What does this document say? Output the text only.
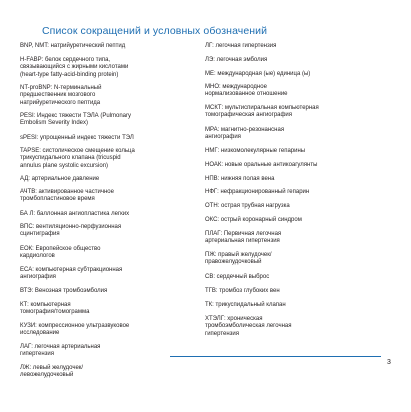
Список сокращений и условных обозначений
BNP, NMT: натрийуретический пептид
H-FABP: белок сердечного типа,
связывающийся с жирными кислотами
(heart-type fatty-acid-binding protein)
NT-proBNP: N-терминальный
предшественник мозгового
натрийуретического пептида
PESI: Индекс тяжести ТЭЛА (Pulmonary
Embolism Severity Index)
sPESI: упрощенный индекс тяжести ТЭЛ
TAPSE: систолическое смещение кольца
трикуспидального клапана (tricuspid
annulus plane systolic excursion)
АД: артериальное давление
АЧТВ: активированное частичное
тромбопластиновое время
БА Л: баллонная ангиопластика легких
ВПС: вентиляционно-перфузионная
сцинтиграфия
ЕОК: Европейское общество
кардиологов
ЕСА: компьютерная субтракционная
ангиография
ВТЭ: Венозная тромбоэмболия
КТ: компьютерная
томография/томограмма
КУЗИ: компрессионное ультразвуковое
исследование
ЛАГ: легочная артериальная
гипертензия
ЛЖ: левый желудочек/
левожелудочковый
ЛГ: легочная гипертензия
ЛЭ: легочная эмболия
МЕ: международная (ые) единица (ы)
МНО: международное
нормализованное отношение
МСКТ: мультиспиральная компьютерная
томографическая ангиография
МРА: магнитно-резонансная
ангиография
НМГ: низкомолекулярные гепарины
НОАК: новые оральные антикоагулянты
НПВ: нижняя полая вена
НФГ: нефракционированный гепарин
ОТН: острая трубная нагрузка
ОКС: острый коронарный синдром
ПЛАГ: Первичная легочная
артериальная гипертензия
ПЖ: правый желудочек/
правожелудочковый
СВ: сердечный выброс
ТГВ: тромбоз глубоких вен
ТК: трикуспидальный клапан
ХТЭЛГ: хроническая
тромбоэмболическая легочная
гипертензия
3
